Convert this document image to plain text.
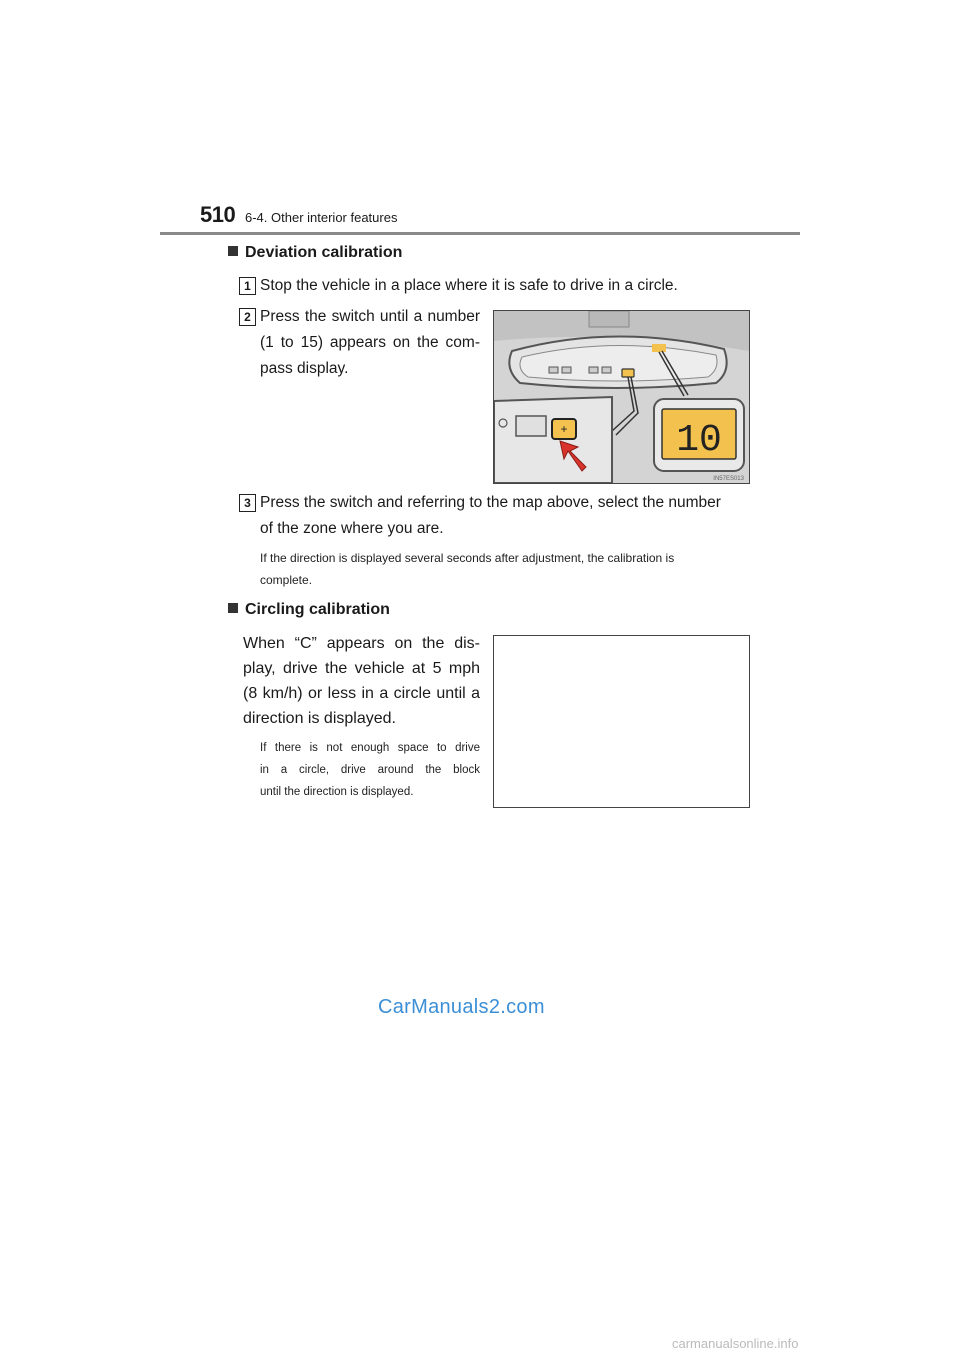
510 6-4. Other interior features
Deviation calibration
1 Stop the vehicle in a place where it is safe to drive in a circle.
2 Press the switch until a number
(1 to 15) appears on the com-
pass display.
+	10
IN57ES013
3 Press the switch and referring to the map above, select the number
of the zone where you are.
If the direction is displayed several seconds after adjustment, the calibration is
complete.
Circling calibration
When “C” appears on the dis-
play, drive the vehicle at 5 mph
(8 km/h) or less in a circle until a
direction is displayed.
If there is not enough space to drive
in a circle, drive around the block
until the direction is displayed.
CarManuals2.com
carmanualsonline.info
